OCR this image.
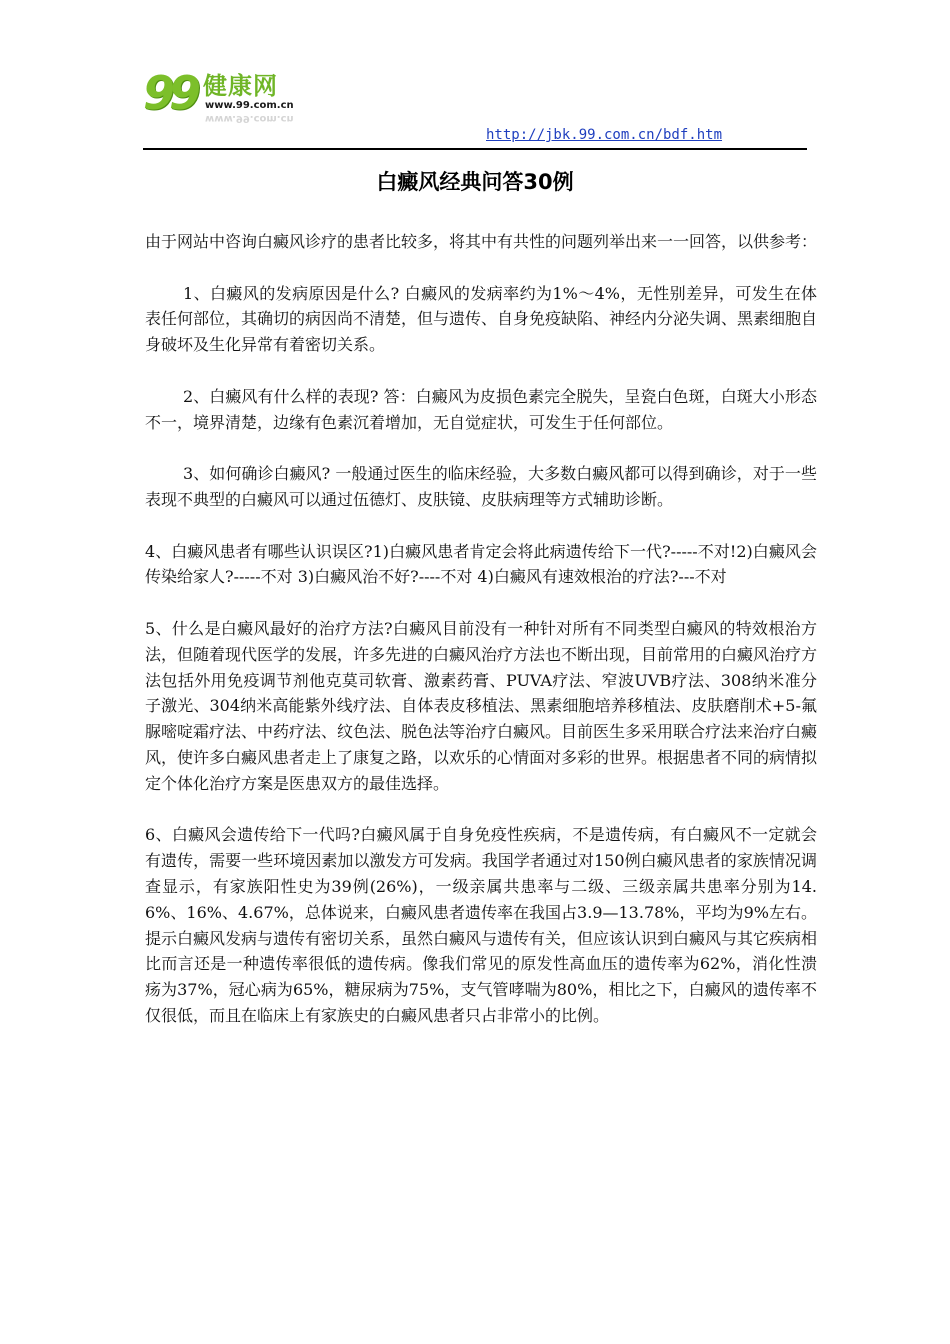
99 健康网
www.99.com.cn
www.99.com.cn
http://jbk.99.com.cn/bdf.htm
白癜风经典问答30例

由于网站中咨询白癜风诊疗的患者比较多，将其中有共性的问题列举出来一一回答，以供参考：

1、白癜风的发病原因是什么? 白癜风的发病率约为1%～4%，无性别差异，可发生在体表任何部位，其确切的病因尚不清楚，但与遗传、自身免疫缺陷、神经内分泌失调、黑素细胞自身破坏及生化异常有着密切关系。

2、白癜风有什么样的表现? 答：白癜风为皮损色素完全脱失，呈瓷白色斑，白斑大小形态不一，境界清楚，边缘有色素沉着增加，无自觉症状，可发生于任何部位。

3、如何确诊白癜风? 一般通过医生的临床经验，大多数白癜风都可以得到确诊，对于一些表现不典型的白癜风可以通过伍德灯、皮肤镜、皮肤病理等方式辅助诊断。

4、白癜风患者有哪些认识误区?1)白癜风患者肯定会将此病遗传给下一代?-----不对!2)白癜风会传染给家人?-----不对 3)白癜风治不好?----不对 4)白癜风有速效根治的疗法?---不对

5、什么是白癜风最好的治疗方法?白癜风目前没有一种针对所有不同类型白癜风的特效根治方法，但随着现代医学的发展，许多先进的白癜风治疗方法也不断出现，目前常用的白癜风治疗方法包括外用免疫调节剂他克莫司软膏、激素药膏、PUVA疗法、窄波UVB疗法、308纳米准分子激光、304纳米高能紫外线疗法、自体表皮移植法、黑素细胞培养移植法、皮肤磨削术+5-氟脲嘧啶霜疗法、中药疗法、纹色法、脱色法等治疗白癜风。目前医生多采用联合疗法来治疗白癜风，使许多白癜风患者走上了康复之路，以欢乐的心情面对多彩的世界。根据患者不同的病情拟定个体化治疗方案是医患双方的最佳选择。

6、白癜风会遗传给下一代吗?白癜风属于自身免疫性疾病，不是遗传病，有白癜风不一定就会有遗传，需要一些环境因素加以激发方可发病。我国学者通过对150例白癜风患者的家族情况调查显示，有家族阳性史为39例(26%)，一级亲属共患率与二级、三级亲属共患率分别为14.6%、16%、4.67%，总体说来，白癜风患者遗传率在我国占3.9—13.78%，平均为9%左右。提示白癜风发病与遗传有密切关系，虽然白癜风与遗传有关，但应该认识到白癜风与其它疾病相比而言还是一种遗传率很低的遗传病。像我们常见的原发性高血压的遗传率为62%，消化性溃疡为37%，冠心病为65%，糖尿病为75%，支气管哮喘为80%，相比之下，白癜风的遗传率不仅很低，而且在临床上有家族史的白癜风患者只占非常小的比例。
